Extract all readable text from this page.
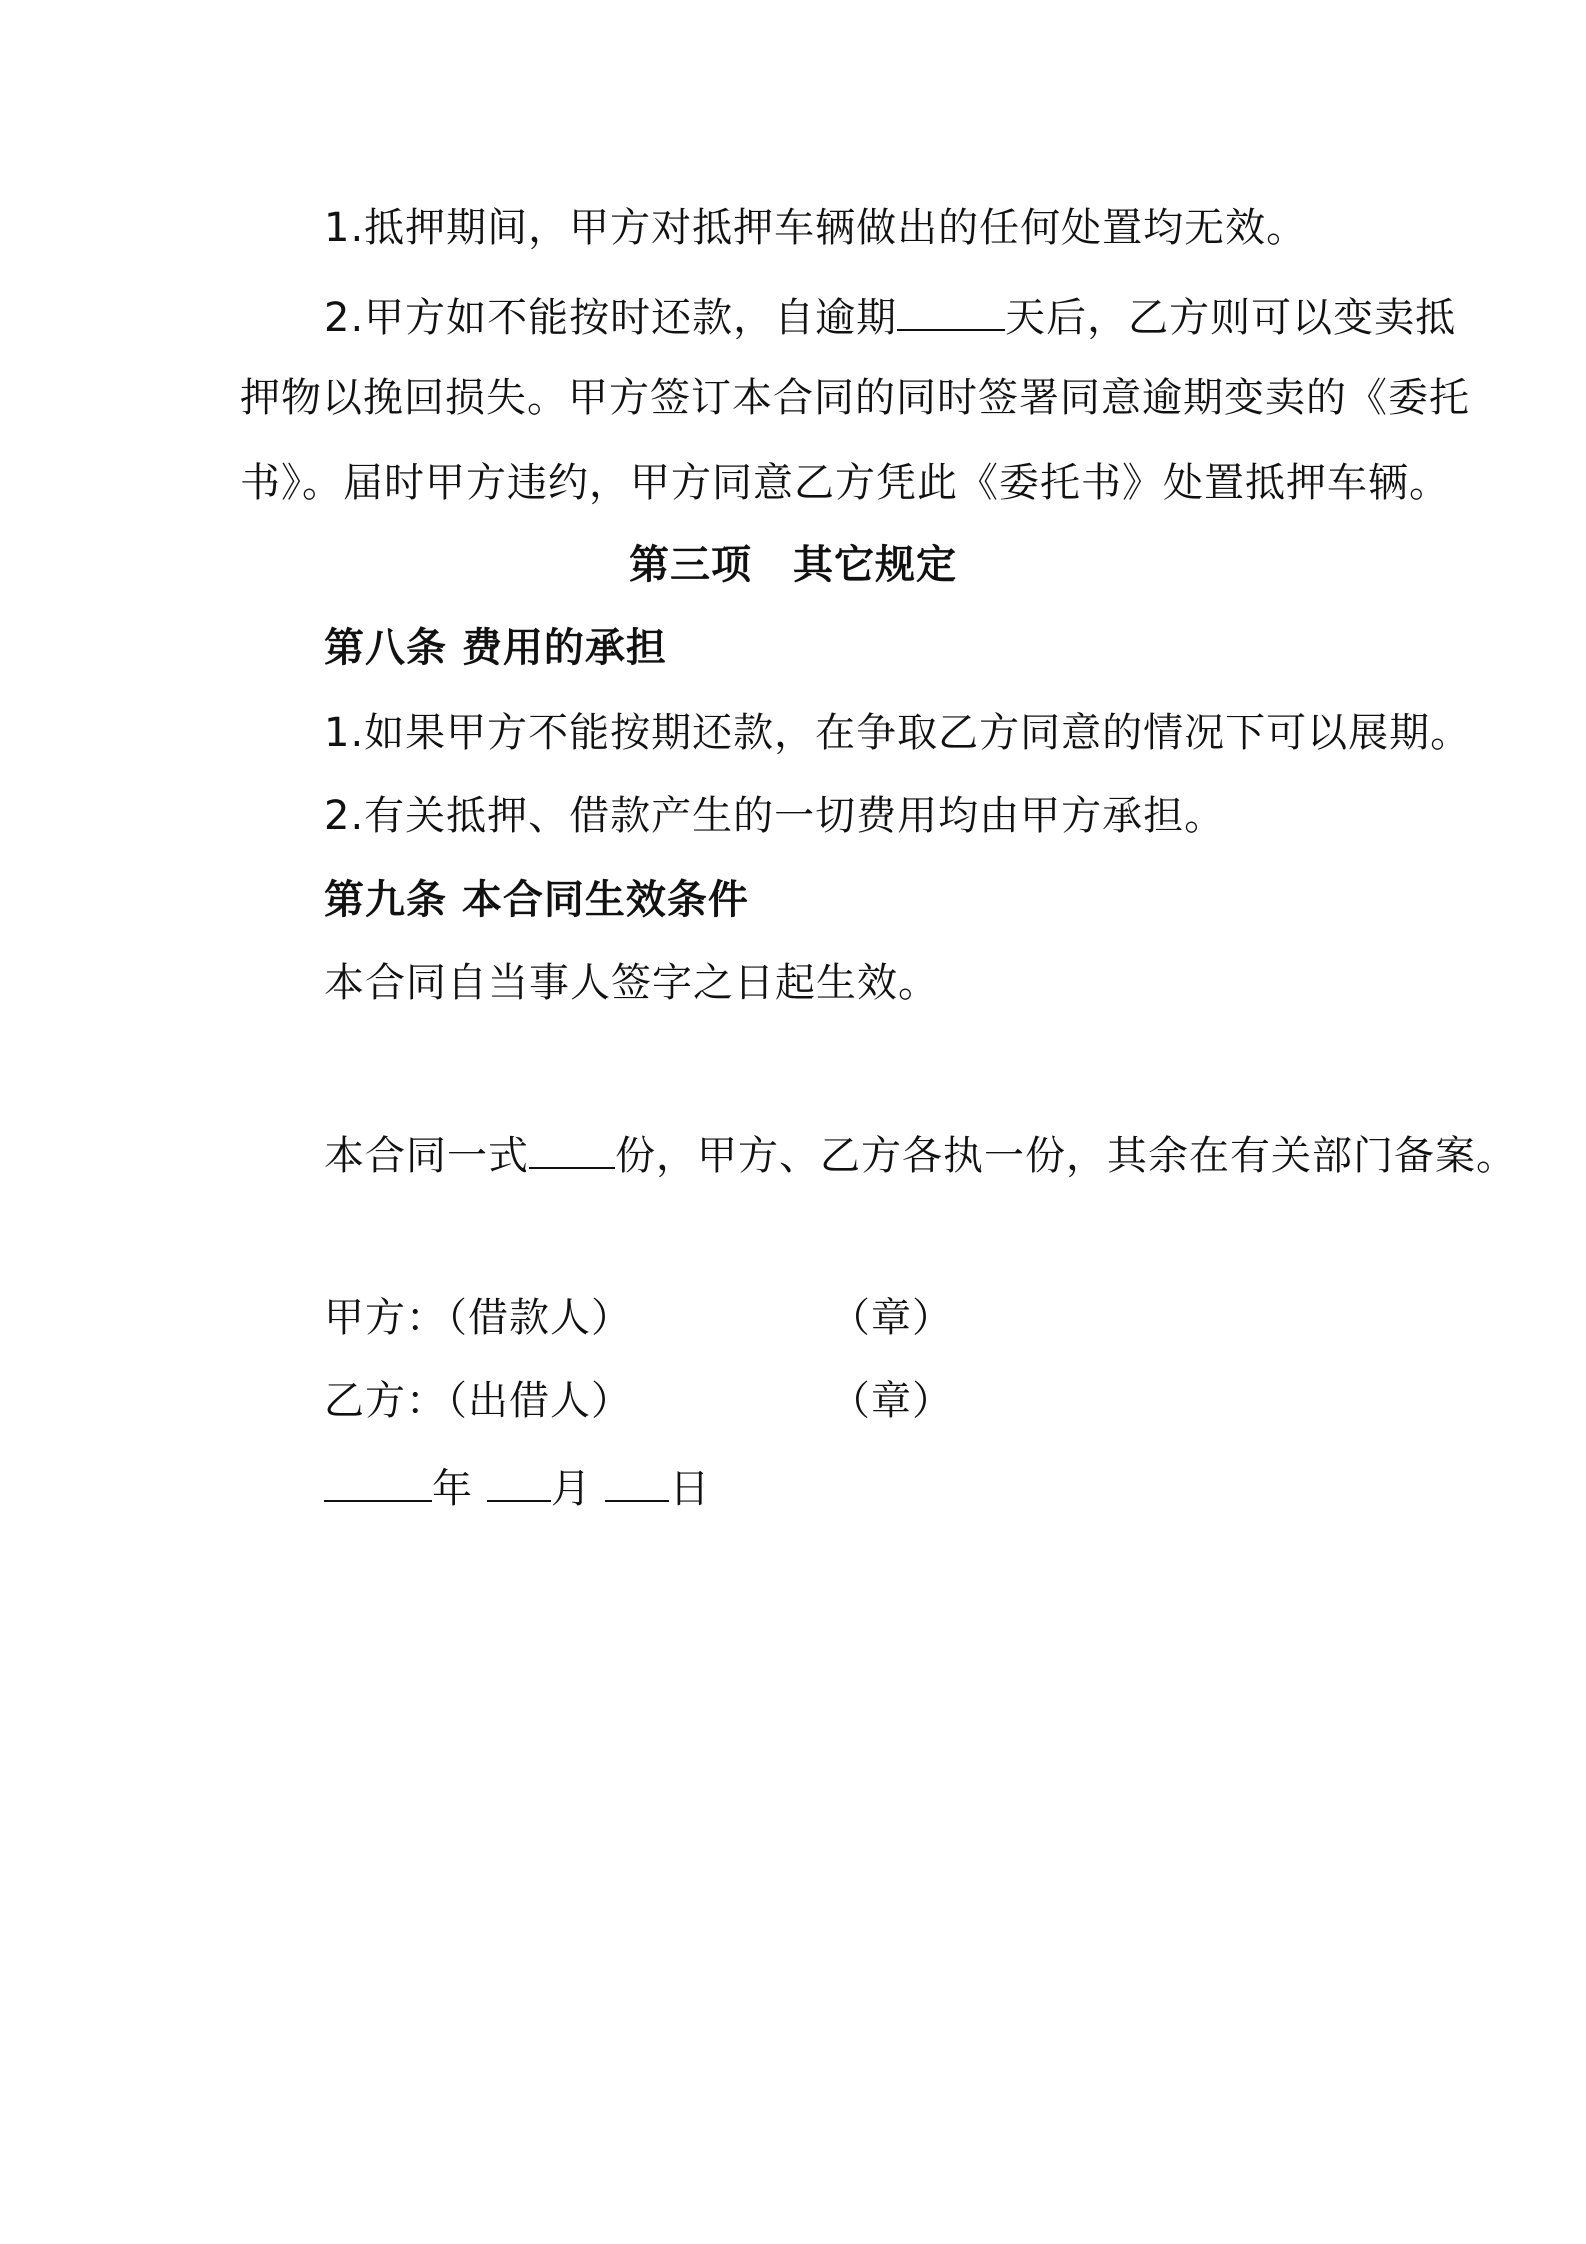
1.抵押期间，甲方对抵押车辆做出的任何处置均无效。
2.甲方如不能按时还款，自逾期	天后，乙方则可以变卖抵
押物以挽回损失。甲方签订本合同的同时签署同意逾期变卖的《委托
书》。届时甲方违约，甲方同意乙方凭此《委托书》处置抵押车辆。
第三项　其它规定
第八条 费用的承担
1.如果甲方不能按期还款，在争取乙方同意的情况下可以展期。
2.有关抵押、借款产生的一切费用均由甲方承担。
第九条 本合同生效条件
本合同自当事人签字之日起生效。
本合同一式 份，甲方、乙方各执一份，其余在有关部门备案。
甲方：（借款人）	（章）
乙方：（出借人）	（章）
年 月 日
